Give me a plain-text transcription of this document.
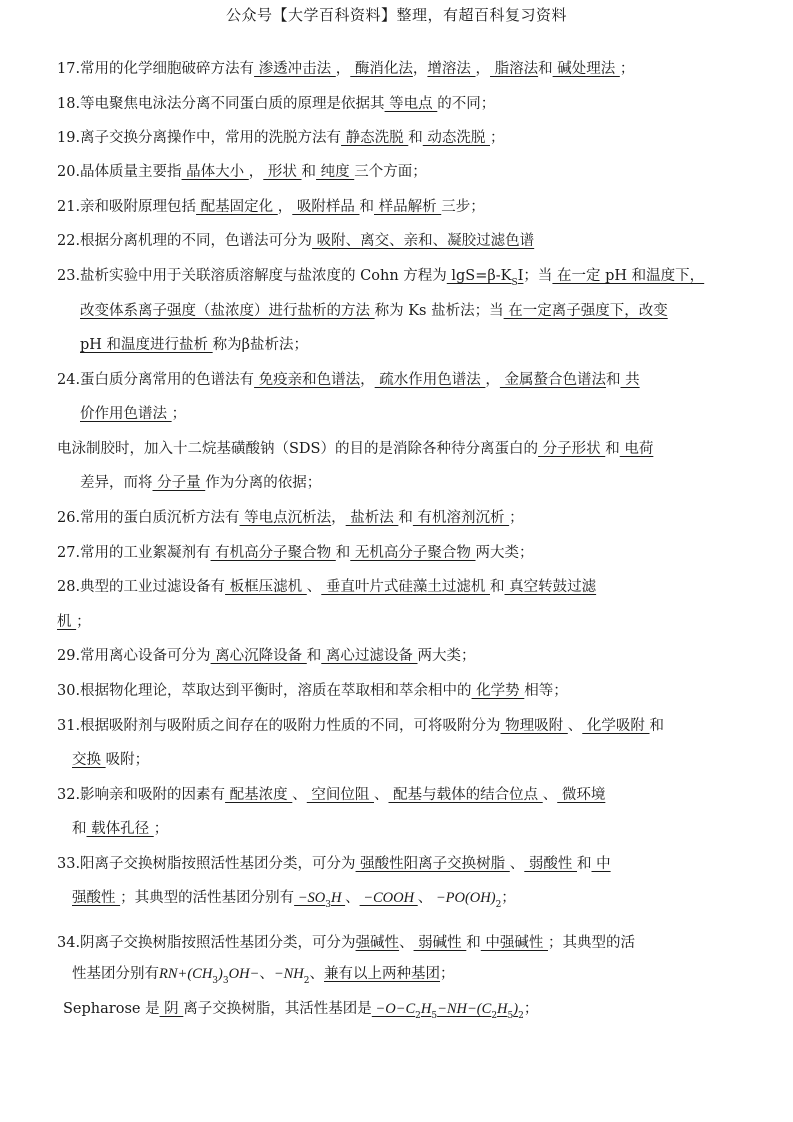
公众号【大学百科资料】整理，有超百科复习资料
17.常用的化学细胞破碎方法有 渗透冲击法 ， 酶消化法，增溶法 ， 脂溶法和 碱处理法 ；
18.等电聚焦电泳法分离不同蛋白质的原理是依据其 等电点 的不同；
19.离子交换分离操作中，常用的洗脱方法有 静态洗脱 和 动态洗脱 ；
20.晶体质量主要指 晶体大小 ， 形状 和 纯度 三个方面；
21.亲和吸附原理包括 配基固定化 ， 吸附样品 和 样品解析 三步；
22.根据分离机理的不同，色谱法可分为 吸附、离交、亲和、凝胶过滤色谱
23.盐析实验中用于关联溶质溶解度与盐浓度的 Cohn 方程为 $\lg S=\beta-K_SI$；当 在一定 pH 和温度下，
改变体系离子强度（盐浓度）进行盐析的方法 称为 Ks 盐析法；当 在一定离子强度下，改变
pH 和温度进行盐析 称为β盐析法；
24.蛋白质分离常用的色谱法有 免疫亲和色谱法， 疏水作用色谱法 ， 金属螯合色谱法和 共
价作用色谱法 ；
电泳制胶时，加入十二烷基磺酸钠（SDS）的目的是消除各种待分离蛋白的 分子形状 和 电荷
差异，而将 分子量 作为分离的依据；
26.常用的蛋白质沉析方法有 等电点沉析法， 盐析法 和 有机溶剂沉析 ；
27.常用的工业絮凝剂有 有机高分子聚合物 和 无机高分子聚合物 两大类；
28.典型的工业过滤设备有 板框压滤机 、 垂直叶片式硅藻土过滤机 和 真空转鼓过滤
机 ；
29.常用离心设备可分为 离心沉降设备 和 离心过滤设备 两大类；
30.根据物化理论，萃取达到平衡时，溶质在萃取相和萃余相中的 化学势 相等；
31.根据吸附剂与吸附质之间存在的吸附力性质的不同，可将吸附分为 物理吸附 、 化学吸附 和
交换 吸附；
32.影响亲和吸附的因素有 配基浓度 、 空间位阻 、 配基与载体的结合位点 、 微环境
和 载体孔径 ；
33.阳离子交换树脂按照活性基团分类，可分为 强酸性阳离子交换树脂 、 弱酸性 和 中
强酸性 ；其典型的活性基团分别有 $-SO_3H$ 、 −COOH 、 $-PO(OH)_2$；
34.阴离子交换树脂按照活性基团分类，可分为强碱性、 弱碱性 和 中强碱性 ；其典型的活
性基团分别有$RN+(CH_3)_3OH-$、$-NH_2$、兼有以上两种基团；
Sepharose 是 阴 离子交换树脂，其活性基团是 $-O-C_2H_5-NH-(C_2H_5)_2$；
